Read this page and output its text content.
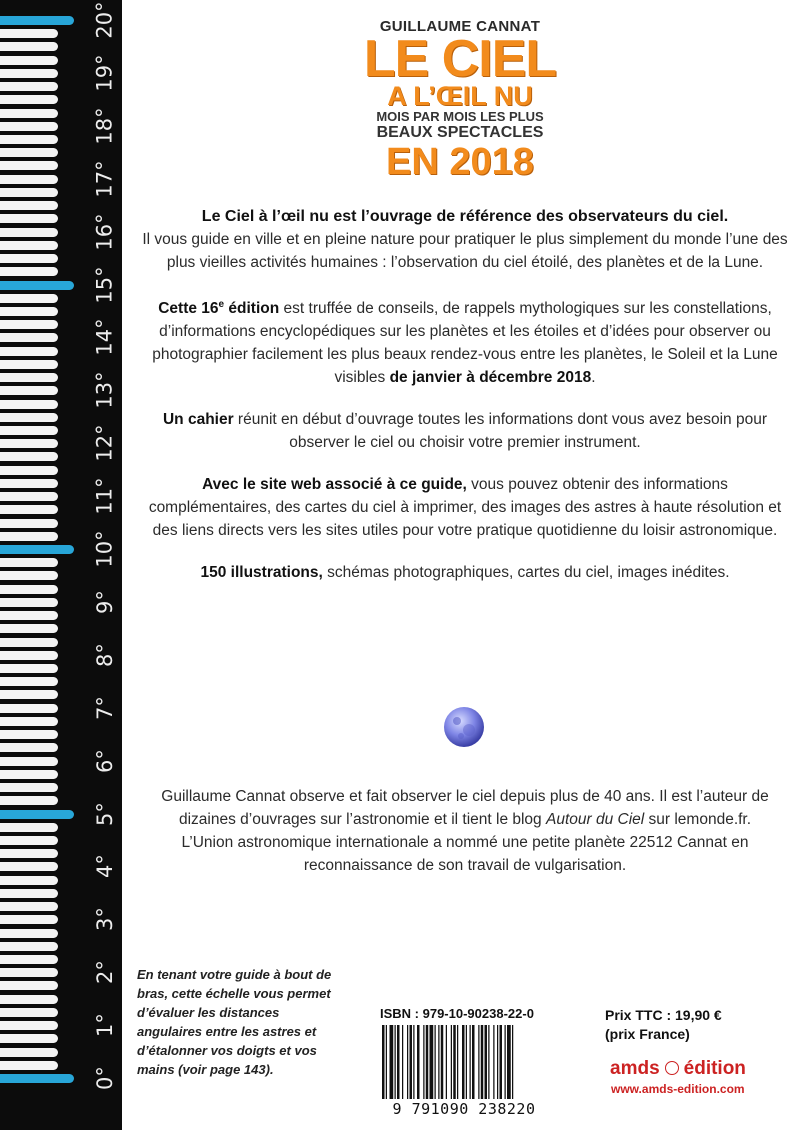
20°
19°
18°
17°
16°
15°
14°
13°
12°
11°
10°
9°
8°
7°
6°
5°
4°
3°
2°
1°
0°
GUILLAUME CANNAT
LE CIEL
A L’ŒIL NU
MOIS PAR MOIS LES PLUS
BEAUX SPECTACLES
EN 2018

Le Ciel à l’œil nu est l’ouvrage de référence des observateurs du ciel.
Il vous guide en ville et en pleine nature pour pratiquer le plus simplement du monde l’une des plus vieilles activités humaines : l’observation du ciel étoilé, des planètes et de la Lune.

Cette 16e édition est truffée de conseils, de rappels mythologiques sur les constellations, d’informations encyclopédiques sur les planètes et les étoiles et d’idées pour observer ou photographier facilement les plus beaux rendez-vous entre les planètes, le Soleil et la Lune visibles de janvier à décembre 2018.

Un cahier réunit en début d’ouvrage toutes les informations dont vous avez besoin pour observer le ciel ou choisir votre premier instrument.

Avec le site web associé à ce guide, vous pouvez obtenir des informations complémentaires, des cartes du ciel à imprimer, des images des astres à haute résolution et des liens directs vers les sites utiles pour votre pratique quotidienne du loisir astronomique.

150 illustrations, schémas photographiques, cartes du ciel, images inédites.

Guillaume Cannat observe et fait observer le ciel depuis plus de 40 ans. Il est l’auteur de dizaines d’ouvrages sur l’astronomie et il tient le blog Autour du Ciel sur lemonde.fr.
L’Union astronomique internationale a nommé une petite planète 22512 Cannat en reconnaissance de son travail de vulgarisation.
En tenant votre guide à bout de bras, cette échelle vous permet d’évaluer les distances angulaires entre les astres et d’étalonner vos doigts et vos mains (voir page 143).
ISBN : 979-10-90238-22-0
9 791090 238220
Prix TTC : 19,90 €
(prix France)
amds édition
www.amds-edition.com
